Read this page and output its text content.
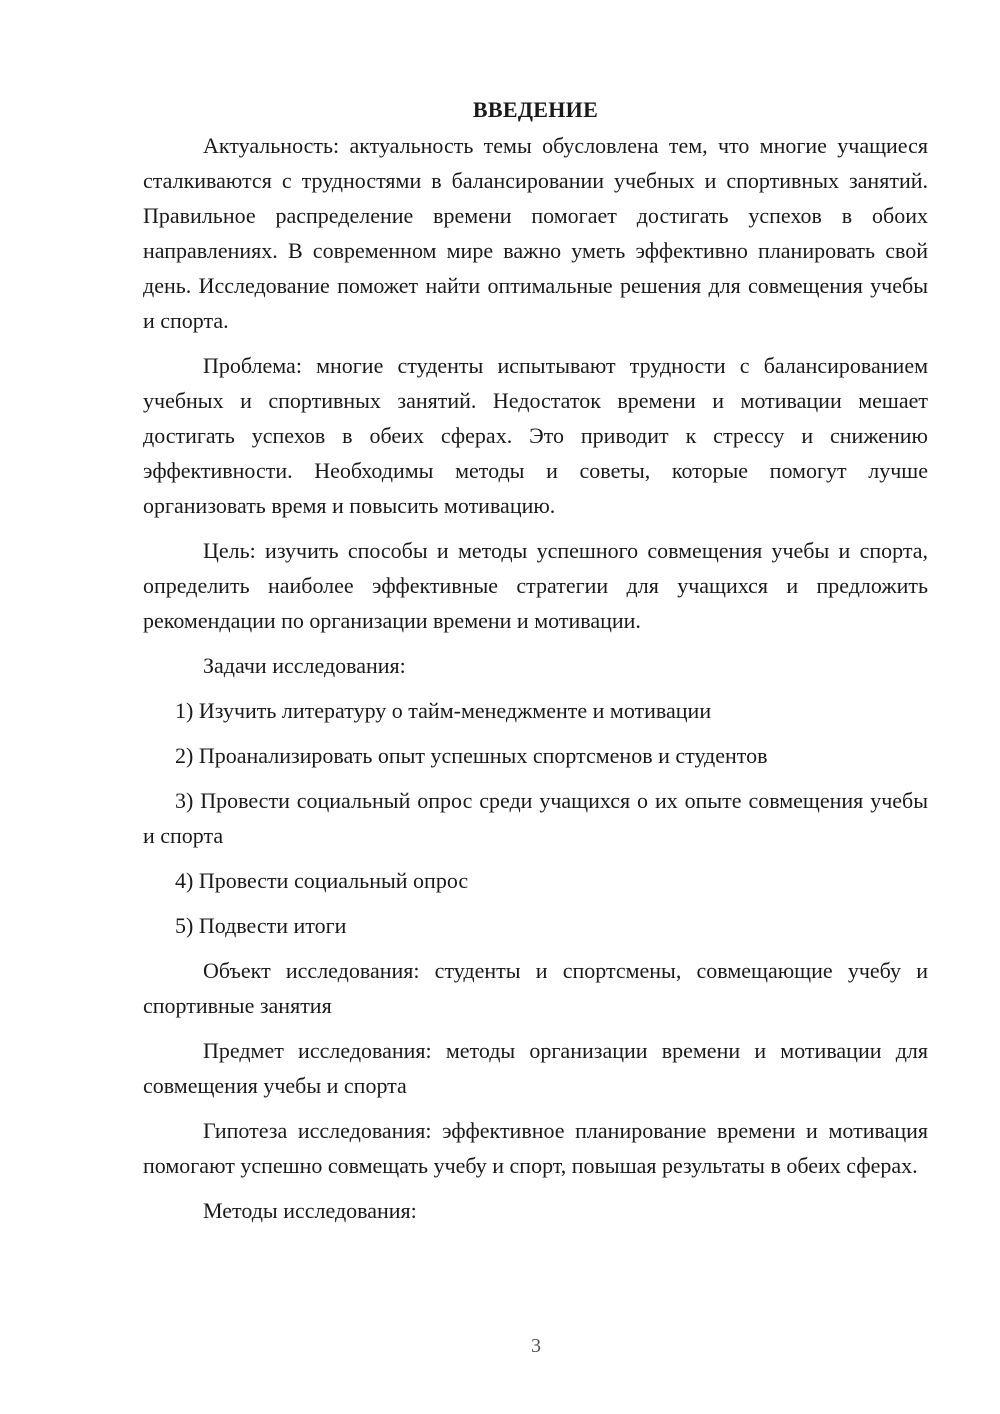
ВВЕДЕНИЕ

Актуальность: актуальность темы обусловлена тем, что многие учащиеся сталкиваются с трудностями в балансировании учебных и спортивных занятий. Правильное распределение времени помогает достигать успехов в обоих направлениях. В современном мире важно уметь эффективно планировать свой день. Исследование поможет найти оптимальные решения для совмещения учебы и спорта.

Проблема: многие студенты испытывают трудности с балансированием учебных и спортивных занятий. Недостаток времени и мотивации мешает достигать успехов в обеих сферах. Это приводит к стрессу и снижению эффективности. Необходимы методы и советы, которые помогут лучше организовать время и повысить мотивацию.

Цель: изучить способы и методы успешного совмещения учебы и спорта, определить наиболее эффективные стратегии для учащихся и предложить рекомендации по организации времени и мотивации.

Задачи исследования:

1) Изучить литературу о тайм-менеджменте и мотивации

2) Проанализировать опыт успешных спортсменов и студентов

3) Провести социальный опрос среди учащихся о их опыте совмещения учебы и спорта

4) Провести социальный опрос

5) Подвести итоги

Объект исследования: студенты и спортсмены, совмещающие учебу и спортивные занятия

Предмет исследования: методы организации времени и мотивации для совмещения учебы и спорта

Гипотеза исследования: эффективное планирование времени и мотивация помогают успешно совмещать учебу и спорт, повышая результаты в обеих сферах.

Методы исследования:

3
